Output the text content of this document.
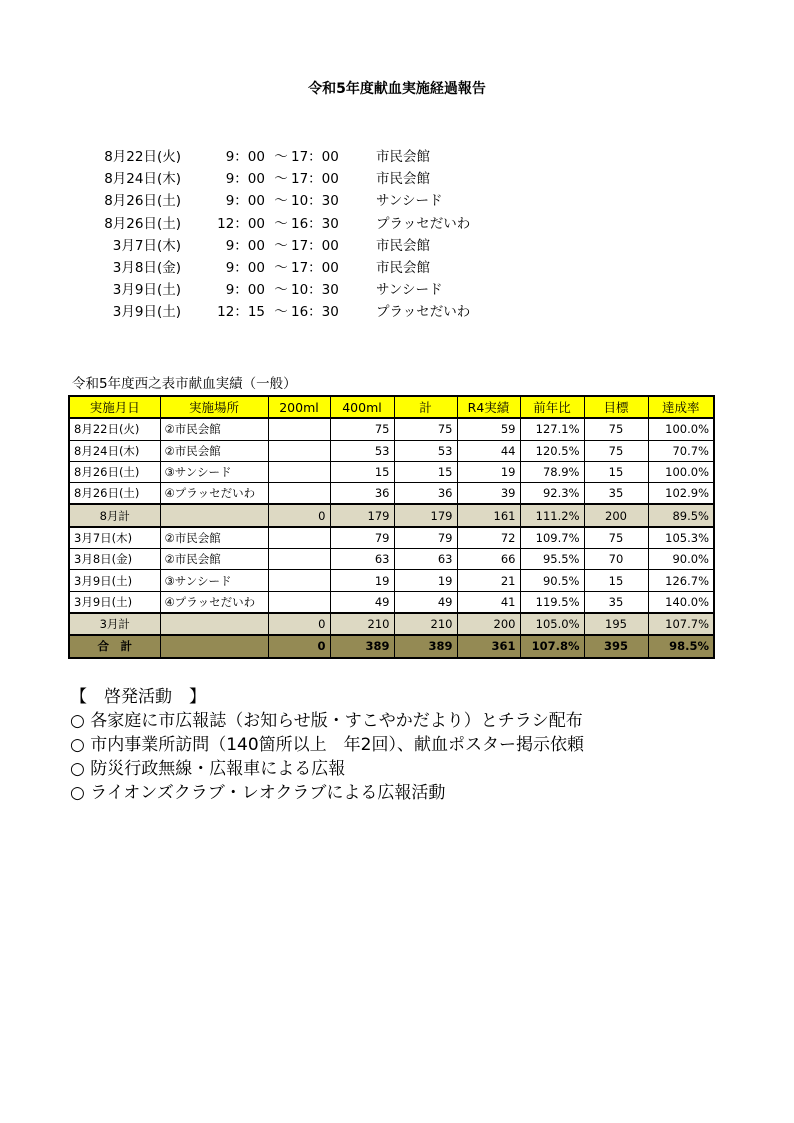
令和5年度献血実施経過報告
8月22日(火)	9：00 ～ 17：00	市民会館
8月24日(木)	9：00 ～ 17：00	市民会館
8月26日(土)	9：00 ～ 10：30	サンシード
8月26日(土)	12：00 ～ 16：30	プラッセだいわ
3月7日(木)	9：00 ～ 17：00	市民会館
3月8日(金)	9：00 ～ 17：00	市民会館
3月9日(土)	9：00 ～ 10：30	サンシード
3月9日(土)	12：15 ～ 16：30	プラッセだいわ
令和5年度西之表市献血実績（一般）
実施月日	実施場所	200ml	400ml	計	R4実績	前年比	目標	達成率
8月22日(火)	②市民会館		75	75	59	127.1%	75	100.0%
8月24日(木)	②市民会館		53	53	44	120.5%	75	70.7%
8月26日(土)	③サンシード		15	15	19	78.9%	15	100.0%
8月26日(土)	④プラッセだいわ		36	36	39	92.3%	35	102.9%
8月計		0	179	179	161	111.2%	200	89.5%
3月7日(木)	②市民会館		79	79	72	109.7%	75	105.3%
3月8日(金)	②市民会館		63	63	66	95.5%	70	90.0%
3月9日(土)	③サンシード		19	19	21	90.5%	15	126.7%
3月9日(土)	④プラッセだいわ		49	49	41	119.5%	35	140.0%
3月計		0	210	210	200	105.0%	195	107.7%
合　計		0	389	389	361	107.8%	395	98.5%
【　啓発活動　】
○ 各家庭に市広報誌（お知らせ版・すこやかだより）とチラシ配布
○ 市内事業所訪問（140箇所以上　年2回）、献血ポスター掲示依頼
○ 防災行政無線・広報車による広報
○ ライオンズクラブ・レオクラブによる広報活動
